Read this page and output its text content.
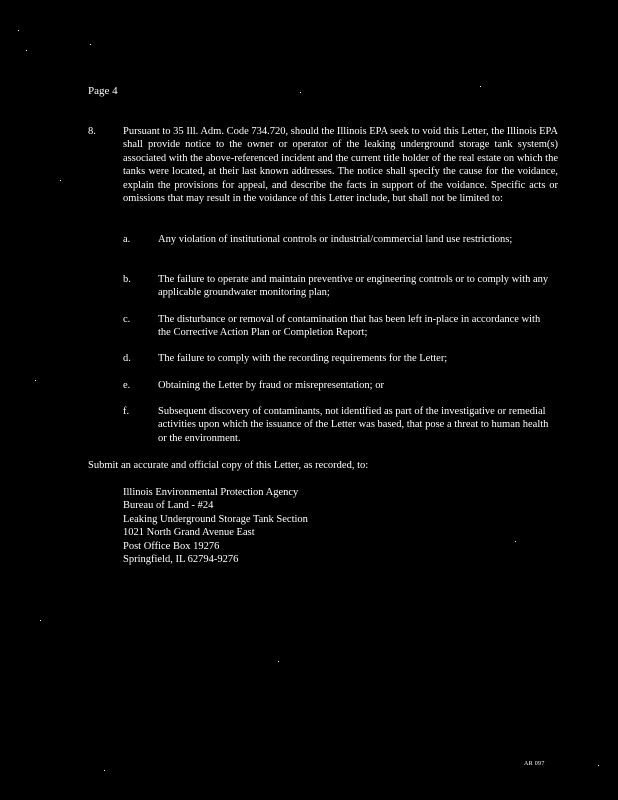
Page 4
8.	Pursuant to 35 Ill. Adm. Code 734.720, should the Illinois EPA seek to void this Letter, the Illinois EPA shall provide notice to the owner or operator of the leaking underground storage tank system(s) associated with the above-referenced incident and the current title holder of the real estate on which the tanks were located, at their last known addresses. The notice shall specify the cause for the voidance, explain the provisions for appeal, and describe the facts in support of the voidance. Specific acts or omissions that may result in the voidance of this Letter include, but shall not be limited to:
a.	Any violation of institutional controls or industrial/commercial land use restrictions;
b.	The failure to operate and maintain preventive or engineering controls or to comply with any applicable groundwater monitoring plan;
c.	The disturbance or removal of contamination that has been left in-place in accordance with the Corrective Action Plan or Completion Report;
d.	The failure to comply with the recording requirements for the Letter;
e.	Obtaining the Letter by fraud or misrepresentation; or
f.	Subsequent discovery of contaminants, not identified as part of the investigative or remedial activities upon which the issuance of the Letter was based, that pose a threat to human health or the environment.
Submit an accurate and official copy of this Letter, as recorded, to:
Illinois Environmental Protection Agency
Bureau of Land - #24
Leaking Underground Storage Tank Section
1021 North Grand Avenue East
Post Office Box 19276
Springfield, IL 62794-9276
AR 097
